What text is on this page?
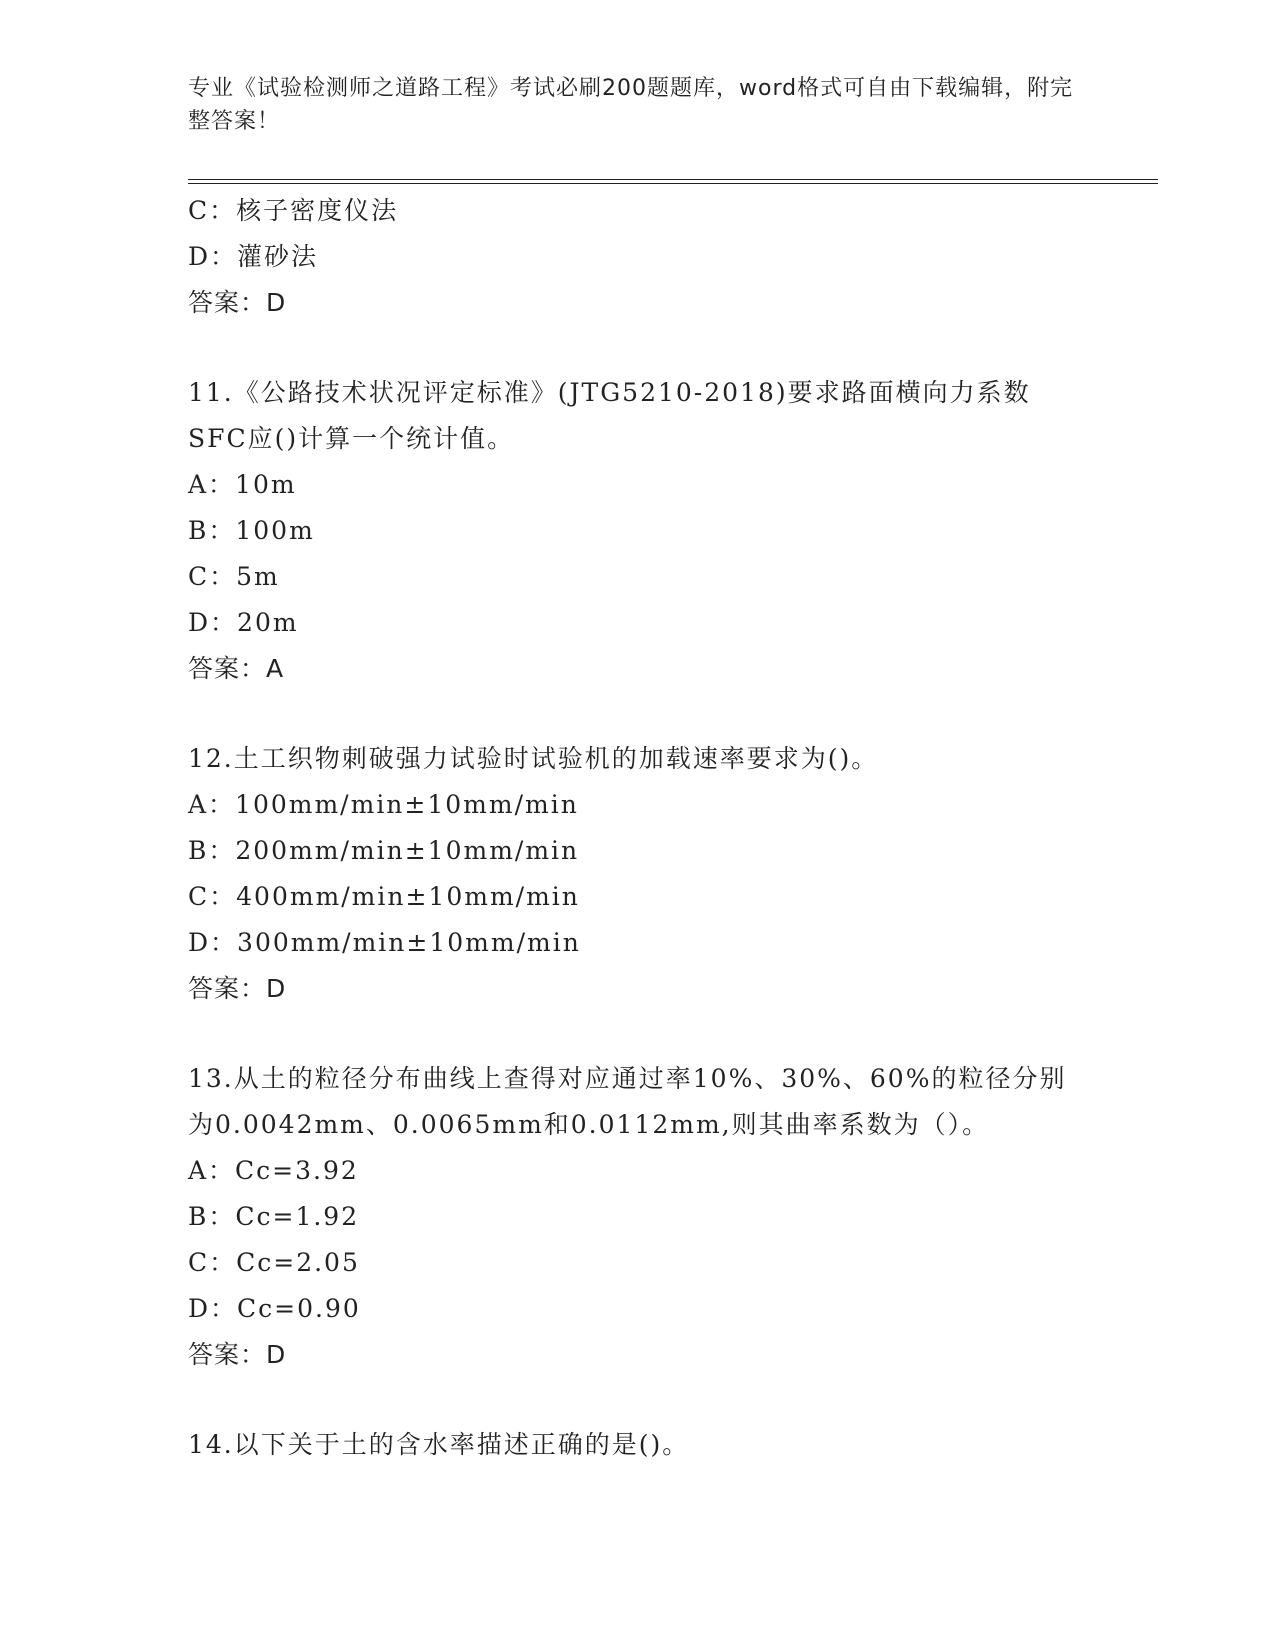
专业《试验检测师之道路工程》考试必刷200题题库，word格式可自由下载编辑，附完整答案！
C：核子密度仪法
D：灌砂法
答案：D
11.《公路技术状况评定标准》(JTG5210-2018)要求路面横向力系数
SFC应()计算一个统计值。
A：10m
B：100m
C：5m
D：20m
答案：A
12.土工织物刺破强力试验时试验机的加载速率要求为()。
A：100mm/min±10mm/min
B：200mm/min±10mm/min
C：400mm/min±10mm/min
D：300mm/min±10mm/min
答案：D
13.从土的粒径分布曲线上查得对应通过率10%、30%、60%的粒径分别
为0.0042mm、0.0065mm和0.0112mm,则其曲率系数为（）。
A：Cc=3.92
B：Cc=1.92
C：Cc=2.05
D：Cc=0.90
答案：D
14.以下关于土的含水率描述正确的是()。
